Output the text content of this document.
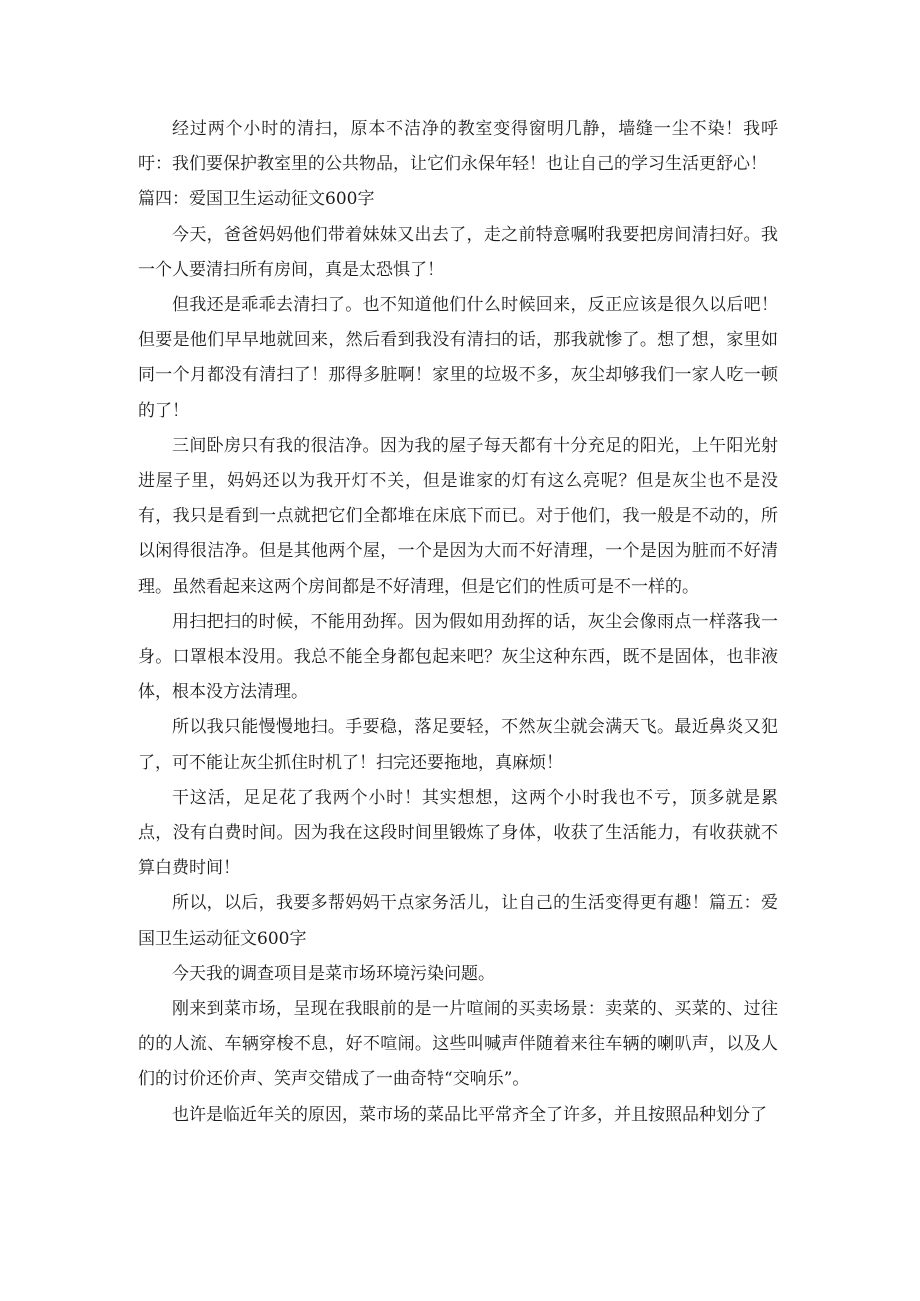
经过两个小时的清扫，原本不洁净的教室变得窗明几静，墙缝一尘不染！我呼吁：我们要保护教室里的公共物品，让它们永保年轻！也让自己的学习生活更舒心！

篇四：爱国卫生运动征文600字

今天，爸爸妈妈他们带着妹妹又出去了，走之前特意嘱咐我要把房间清扫好。我一个人要清扫所有房间，真是太恐惧了！

但我还是乖乖去清扫了。也不知道他们什么时候回来，反正应该是很久以后吧！但要是他们早早地就回来，然后看到我没有清扫的话，那我就惨了。想了想，家里如同一个月都没有清扫了！那得多脏啊！家里的垃圾不多，灰尘却够我们一家人吃一顿的了！

三间卧房只有我的很洁净。因为我的屋子每天都有十分充足的阳光，上午阳光射进屋子里，妈妈还以为我开灯不关，但是谁家的灯有这么亮呢？但是灰尘也不是没有，我只是看到一点就把它们全都堆在床底下而已。对于他们，我一般是不动的，所以闲得很洁净。但是其他两个屋，一个是因为大而不好清理，一个是因为脏而不好清理。虽然看起来这两个房间都是不好清理，但是它们的性质可是不一样的。

用扫把扫的时候，不能用劲挥。因为假如用劲挥的话，灰尘会像雨点一样落我一身。口罩根本没用。我总不能全身都包起来吧？灰尘这种东西，既不是固体，也非液体，根本没方法清理。

所以我只能慢慢地扫。手要稳，落足要轻，不然灰尘就会满天飞。最近鼻炎又犯了，可不能让灰尘抓住时机了！扫完还要拖地，真麻烦！

干这活，足足花了我两个小时！其实想想，这两个小时我也不亏，顶多就是累点，没有白费时间。因为我在这段时间里锻炼了身体，收获了生活能力，有收获就不算白费时间！

所以，以后，我要多帮妈妈干点家务活儿，让自己的生活变得更有趣！篇五：爱国卫生运动征文600字

今天我的调查项目是菜市场环境污染问题。

刚来到菜市场，呈现在我眼前的是一片喧闹的买卖场景：卖菜的、买菜的、过往的的人流、车辆穿梭不息，好不喧闹。这些叫喊声伴随着来往车辆的喇叭声，以及人们的讨价还价声、笑声交错成了一曲奇特“交响乐”。

也许是临近年关的原因，菜市场的菜品比平常齐全了许多，并且按照品种划分了
